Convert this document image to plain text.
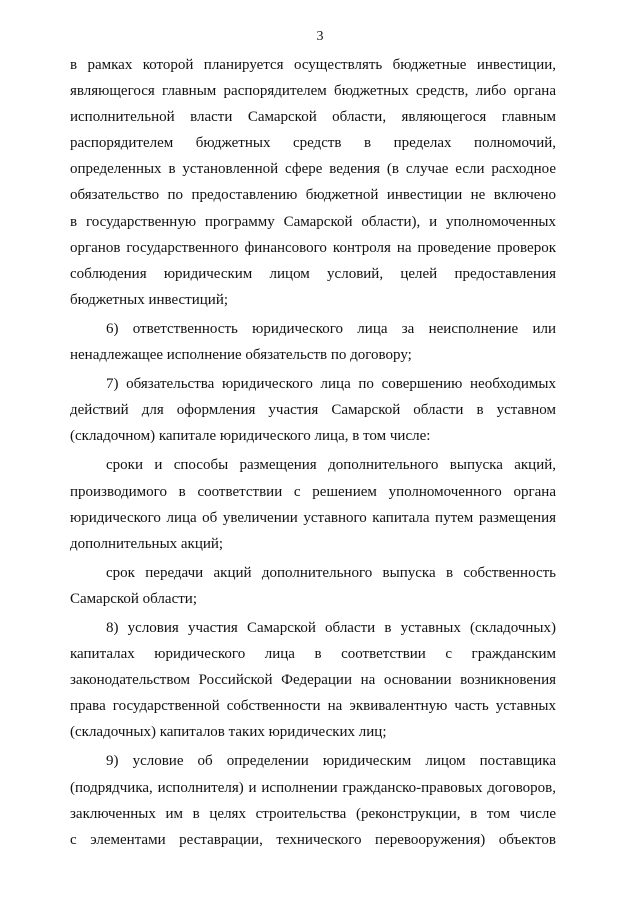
3
в рамках которой планируется осуществлять бюджетные инвестиции,
являющегося главным распорядителем бюджетных средств, либо органа
исполнительной власти Самарской области, являющегося главным
распорядителем бюджетных средств в пределах полномочий,
определенных в установленной сфере ведения (в случае если расходное
обязательство по предоставлению бюджетной инвестиции не включено
в государственную программу Самарской области), и уполномоченных
органов государственного финансового контроля на проведение проверок
соблюдения юридическим лицом условий, целей предоставления
бюджетных инвестиций;
6) ответственность юридического лица за неисполнение или
ненадлежащее исполнение обязательств по договору;
7) обязательства юридического лица по совершению необходимых
действий для оформления участия Самарской области в уставном
(складочном) капитале юридического лица, в том числе:
сроки и способы размещения дополнительного выпуска акций,
производимого в соответствии с решением уполномоченного органа
юридического лица об увеличении уставного капитала путем размещения
дополнительных акций;
срок передачи акций дополнительного выпуска в собственность
Самарской области;
8) условия участия Самарской области в уставных (складочных)
капиталах юридического лица в соответствии с гражданским
законодательством Российской Федерации на основании возникновения
права государственной собственности на эквивалентную часть уставных
(складочных) капиталов таких юридических лиц;
9) условие об определении юридическим лицом поставщика
(подрядчика, исполнителя) и исполнении гражданско-правовых договоров,
заключенных им в целях строительства (реконструкции, в том числе
с элементами реставрации, технического перевооружения) объектов
